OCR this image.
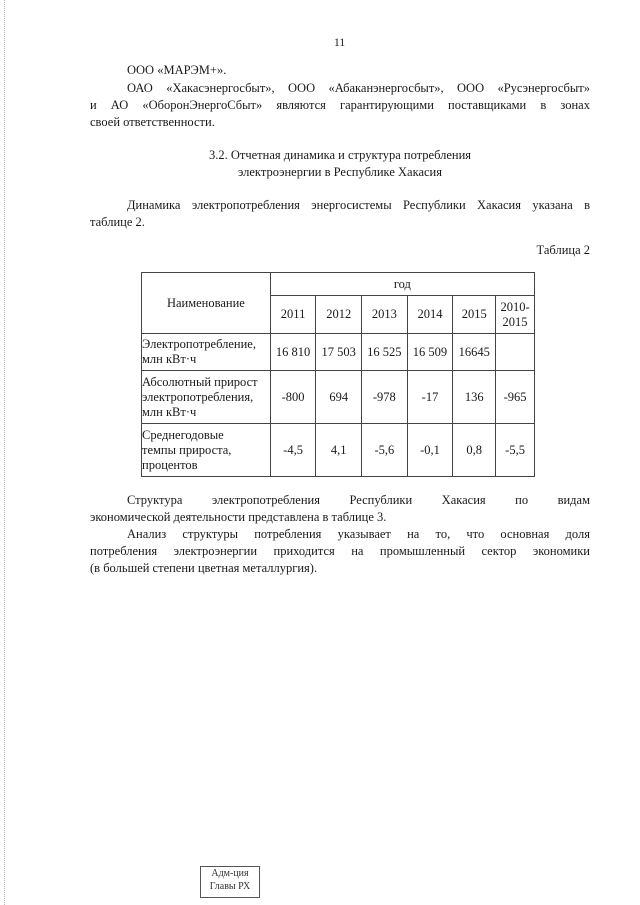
11
ООО «МАРЭМ+».
ОАО «Хакасэнергосбыт», ООО «Абаканэнергосбыт», ООО «Русэнергосбыт»
и АО «ОборонЭнергоСбыт» являются гарантирующими поставщиками в зонах
своей ответственности.
3.2. Отчетная динамика и структура потребления
электроэнергии в Республике Хакасия
Динамика электропотребления энергосистемы Республики Хакасия указана в
таблице 2.
Таблица 2
Наименование	год					
	2011	2012	2013	2014	2015	2010-
2015
Электропотребление,
млн кВт·ч	16 810	17 503	16 525	16 509	16645	
Абсолютный прирост
электропотребления,
млн кВт·ч	-800	694	-978	-17	136	-965
Среднегодовые
темпы прироста,
процентов	-4,5	4,1	-5,6	-0,1	0,8	-5,5
Структура электропотребления Республики Хакасия по видам
экономической деятельности представлена в таблице 3.
Анализ структуры потребления указывает на то, что основная доля
потребления электроэнергии приходится на промышленный сектор экономики
(в большей степени цветная металлургия).
Адм-ция
Главы РХ
